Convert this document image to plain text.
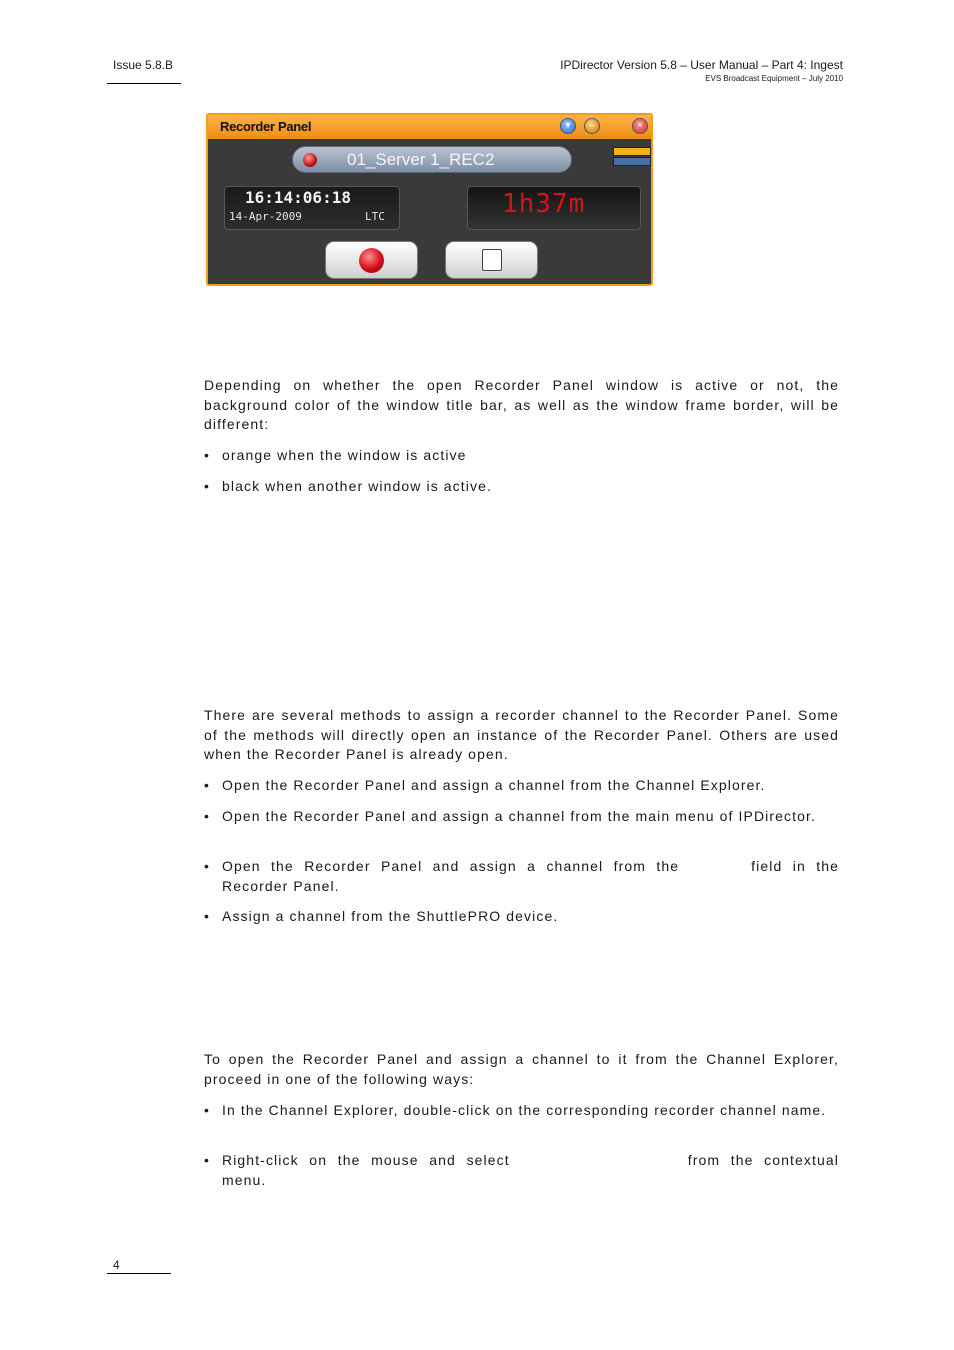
Issue 5.8.B	IPDirector Version 5.8 – User Manual – Part 4: Ingest
EVS Broadcast Equipment – July 2010
Recorder Panel	▾	–	×
01_Server 1_REC2
16:14:06:18
14-Apr-2009	LTC	1h37m

Depending on whether the open Recorder Panel window is active or not, the background color of the window title bar, as well as the window frame border, will be different:

• orange when the window is active
• black when another window is active.

There are several methods to assign a recorder channel to the Recorder Panel. Some of the methods will directly open an instance of the Recorder Panel. Others are used when the Recorder Panel is already open.

• Open the Recorder Panel and assign a channel from the Channel Explorer.
• Open the Recorder Panel and assign a channel from the main menu of IPDirector.
• Open the Recorder Panel and assign a channel from the	field in the Recorder Panel.
• Assign a channel from the ShuttlePRO device.

To open the Recorder Panel and assign a channel to it from the Channel Explorer, proceed in one of the following ways:

• In the Channel Explorer, double-click on the corresponding recorder channel name.
• Right-click on the mouse and select	from the contextual menu.
4
